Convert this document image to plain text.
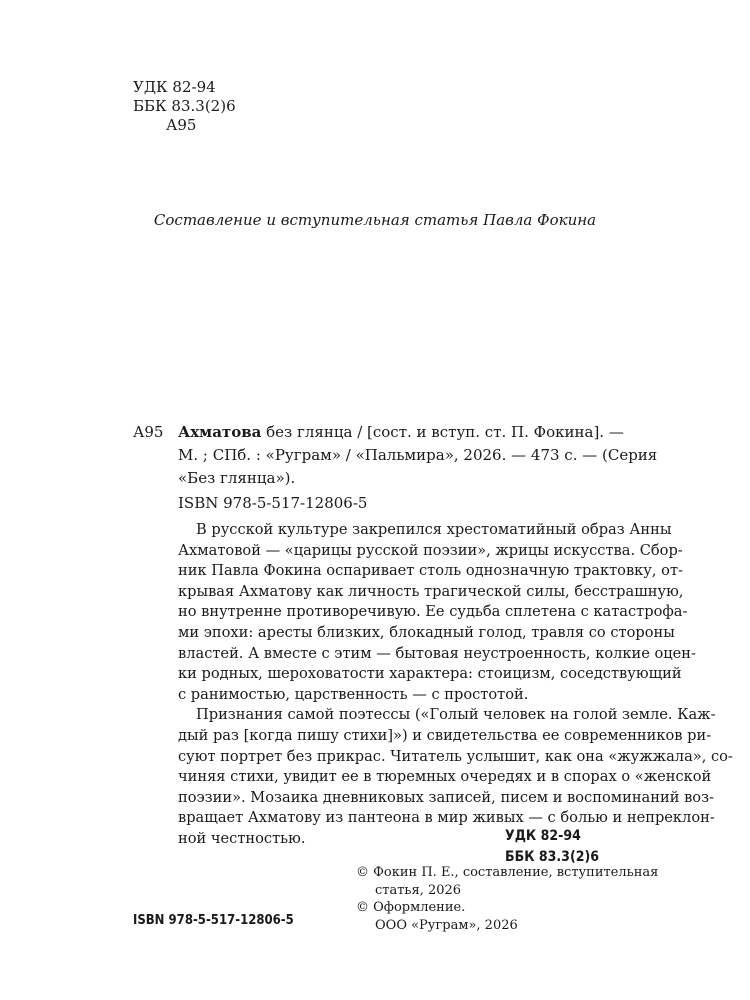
УДК 82-94
ББК 83.3(2)6
А95
Составление и вступительная статья Павла Фокина
А95 Ахматова без глянца / [сост. и вступ. ст. П. Фокина]. —
М. ; СПб. : «Руграм» / «Пальмира», 2026. — 473 с. — (Серия
«Без глянца»).
ISBN 978-5-517-12806-5
В русской культуре закрепился хрестоматийный образ Анны
Ахматовой — «царицы русской поэзии», жрицы искусства. Сбор-
ник Павла Фокина оспаривает столь однозначную трактовку, от-
крывая Ахматову как личность трагической силы, бесстрашную,
но внутренне противоречивую. Ее судьба сплетена с катастрофа-
ми эпохи: аресты близких, блокадный голод, травля со стороны
властей. А вместе с этим — бытовая неустроенность, колкие оцен-
ки родных, шероховатости характера: стоицизм, соседствующий
с ранимостью, царственность — с простотой.
Признания самой поэтессы («Голый человек на голой земле. Каж-
дый раз [когда пишу стихи]») и свидетельства ее современников ри-
суют портрет без прикрас. Читатель услышит, как она «жужжала», со-
чиняя стихи, увидит ее в тюремных очередях и в спорах о «женской
поэзии». Мозаика дневниковых записей, писем и воспоминаний воз-
вращает Ахматову из пантеона в мир живых — с болью и непреклон-
ной честностью.	УДК 82-94
ББК 83.3(2)6
© Фокин П. Е., составление, вступительная
статья, 2026
© Оформление.
ООО «Руграм», 2026
ISBN 978-5-517-12806-5
